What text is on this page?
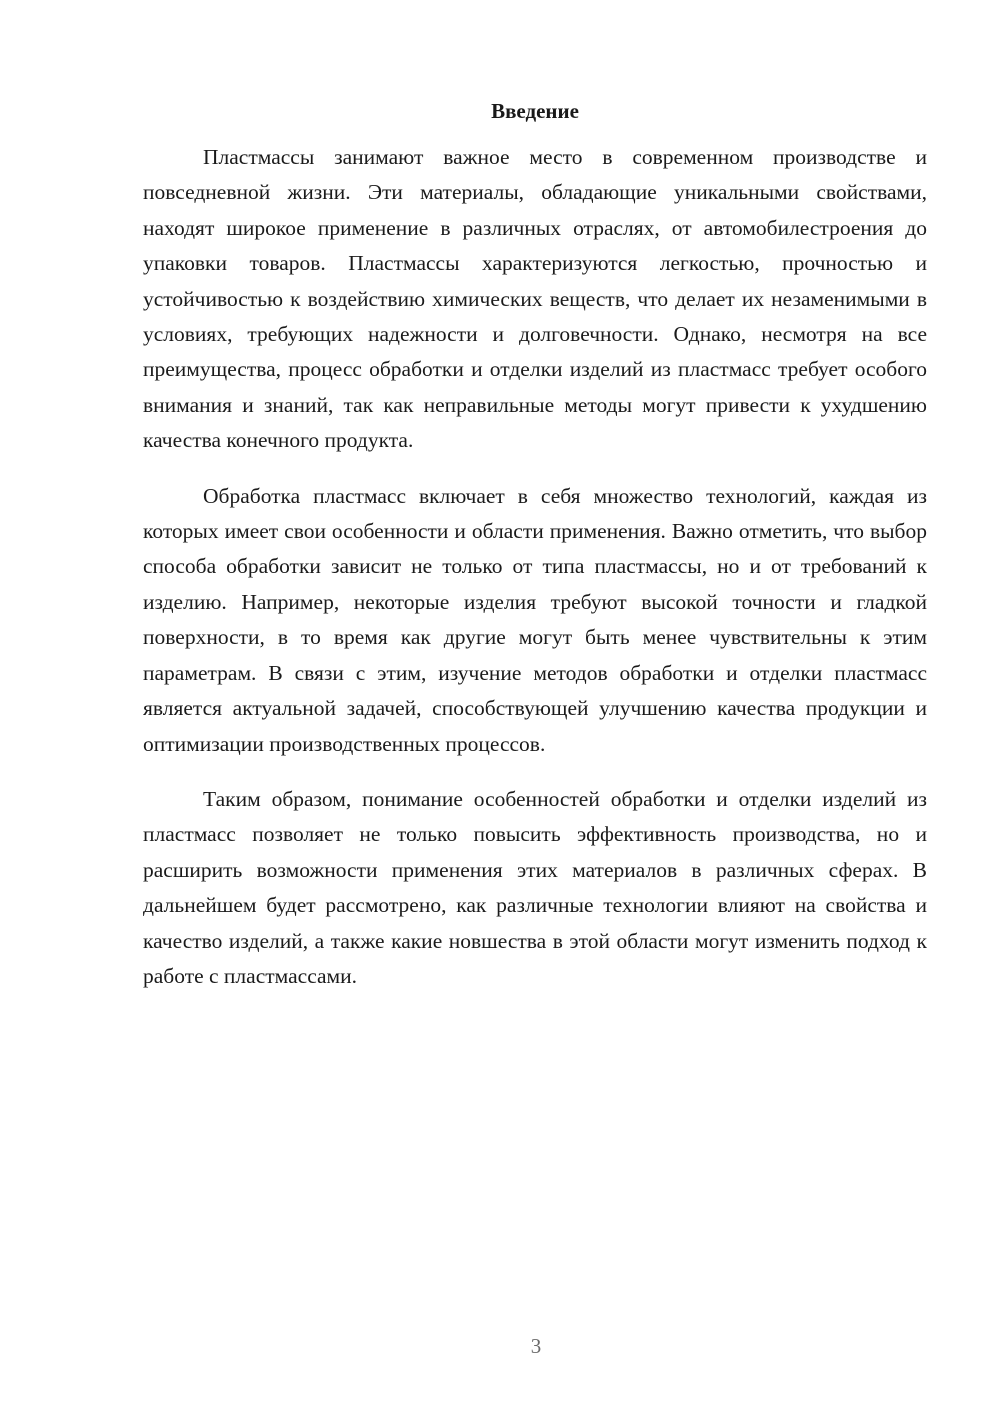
Введение

Пластмассы занимают важное место в современном производстве и повседневной жизни. Эти материалы, обладающие уникальными свойствами, находят широкое применение в различных отраслях, от автомобилестроения до упаковки товаров. Пластмассы характеризуются легкостью, прочностью и устойчивостью к воздействию химических веществ, что делает их незаменимыми в условиях, требующих надежности и долговечности. Однако, несмотря на все преимущества, процесс обработки и отделки изделий из пластмасс требует особого внимания и знаний, так как неправильные методы могут привести к ухудшению качества конечного продукта.

Обработка пластмасс включает в себя множество технологий, каждая из которых имеет свои особенности и области применения. Важно отметить, что выбор способа обработки зависит не только от типа пластмассы, но и от требований к изделию. Например, некоторые изделия требуют высокой точности и гладкой поверхности, в то время как другие могут быть менее чувствительны к этим параметрам. В связи с этим, изучение методов обработки и отделки пластмасс является актуальной задачей, способствующей улучшению качества продукции и оптимизации производственных процессов.

Таким образом, понимание особенностей обработки и отделки изделий из пластмасс позволяет не только повысить эффективность производства, но и расширить возможности применения этих материалов в различных сферах. В дальнейшем будет рассмотрено, как различные технологии влияют на свойства и качество изделий, а также какие новшества в этой области могут изменить подход к работе с пластмассами.

3
